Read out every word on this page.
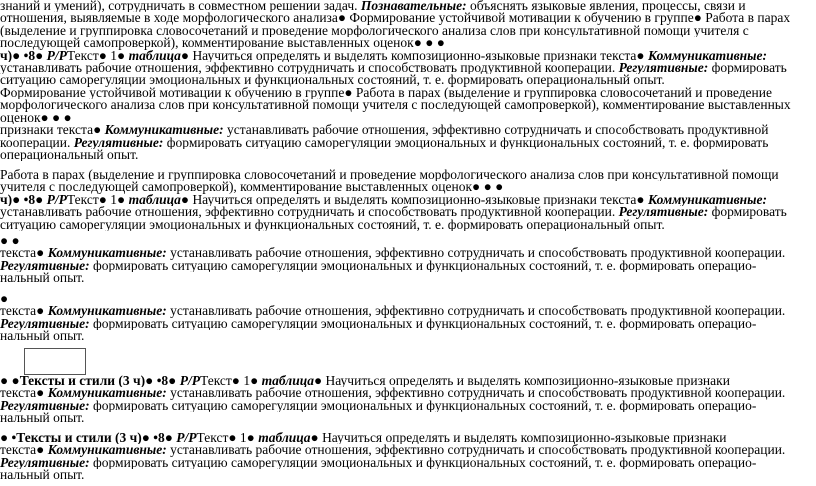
знаний и умений), сотрудничать в совместном решении задач. Познавательные: объяснять языковые явления, процессы, связи и
отношения, выявляемые в ходе морфологического анализа● Формирование устойчивой мотивации к обучению в группе● Работа в парах
(выделение и группировка словосочетаний и проведение морфологического анализа слов при консультативной помощи учителя с
последующей самопроверкой), комментирование выставленных оценок● ● ●
ч)● •8● Р/РТекст● 1● таблица● Научиться определять и выделять композиционно-языковые признаки текста● Коммуникативные:
устанавливать рабочие отношения, эффективно сотрудничать и способствовать продуктивной кооперации. Регулятивные: формировать
ситуацию саморегуляции эмоциональных и функциональных состояний, т. е. формировать операциональный опыт.
Формирование устойчивой мотивации к обучению в группе● Работа в парах (выделение и группировка словосочетаний и проведение
морфологического анализа слов при консультативной помощи учителя с последующей самопроверкой), комментирование выставленных
оценок● ● ●
признаки текста● Коммуникативные: устанавливать рабочие отношения, эффективно сотрудничать и способствовать продуктивной
кооперации. Регулятивные: формировать ситуацию саморегуляции эмоциональных и функциональных состояний, т. е. формировать
операциональный опыт.
Работа в парах (выделение и группировка словосочетаний и проведение морфологического анализа слов при консультативной помощи
учителя с последующей самопроверкой), комментирование выставленных оценок● ● ●
ч)● •8● Р/РТекст● 1● таблица● Научиться определять и выделять композиционно-языковые признаки текста● Коммуникативные:
устанавливать рабочие отношения, эффективно сотрудничать и способствовать продуктивной кооперации. Регулятивные: формировать
ситуацию саморегуляции эмоциональных и функциональных состояний, т. е. формировать операциональный опыт.
● ●
текста● Коммуникативные: устанавливать рабочие отношения, эффективно сотрудничать и способствовать продуктивной кооперации.
Регулятивные: формировать ситуацию саморегуляции эмоциональных и функциональных состояний, т. е. формировать операцио-
нальный опыт.
●
текста● Коммуникативные: устанавливать рабочие отношения, эффективно сотрудничать и способствовать продуктивной кооперации.
Регулятивные: формировать ситуацию саморегуляции эмоциональных и функциональных состояний, т. е. формировать операцио-
нальный опыт.
● ●Тексты и стили (3 ч)● •8● Р/РТекст● 1● таблица● Научиться определять и выделять композиционно-языковые признаки
текста● Коммуникативные: устанавливать рабочие отношения, эффективно сотрудничать и способствовать продуктивной кооперации.
Регулятивные: формировать ситуацию саморегуляции эмоциональных и функциональных состояний, т. е. формировать операцио-
нальный опыт.
● •Тексты и стили (3 ч)● •8● Р/РТекст● 1● таблица● Научиться определять и выделять композиционно-языковые признаки
текста● Коммуникативные: устанавливать рабочие отношения, эффективно сотрудничать и способствовать продуктивной кооперации.
Регулятивные: формировать ситуацию саморегуляции эмоциональных и функциональных состояний, т. е. формировать операцио-
нальный опыт.
